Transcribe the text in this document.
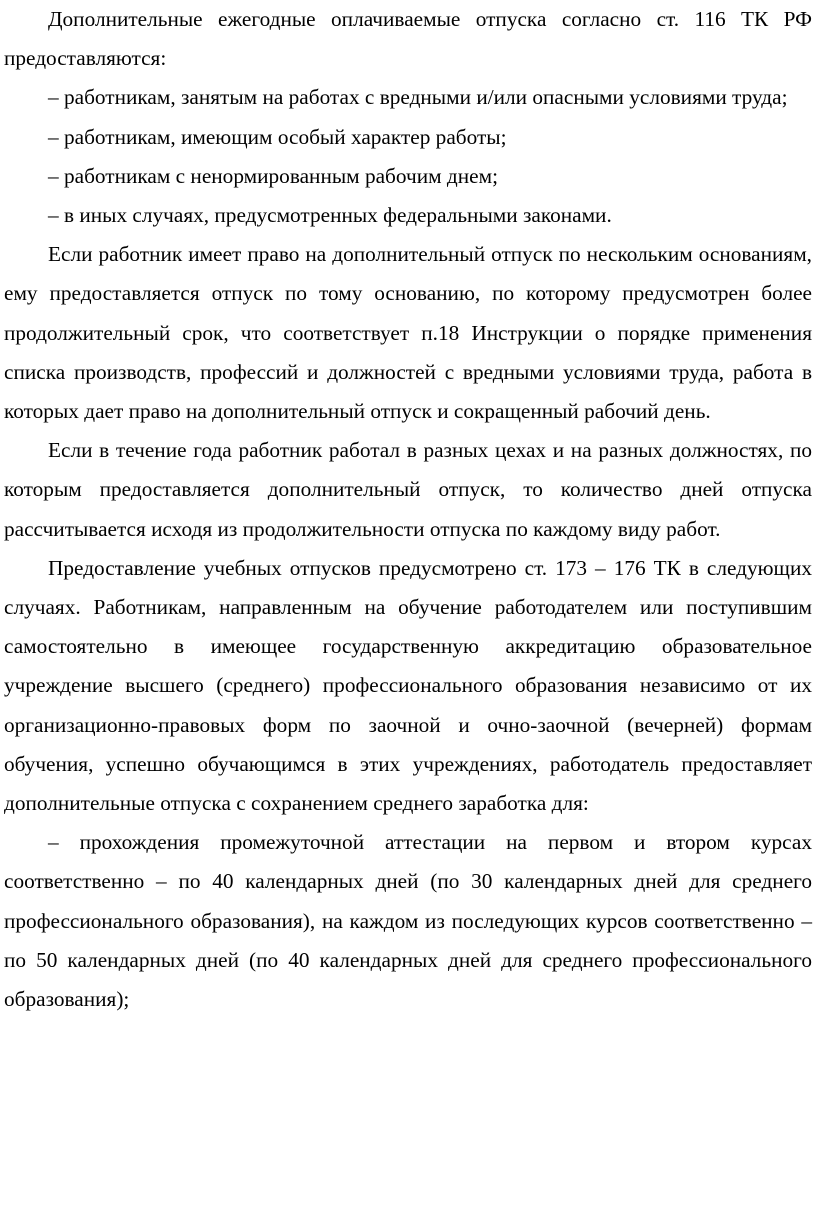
Дополнительные ежегодные оплачиваемые отпуска согласно ст. 116 ТК РФ предоставляются:

– работникам, занятым на работах с вредными и/или опасными условиями труда;

– работникам, имеющим особый характер работы;

– работникам с ненормированным рабочим днем;

– в иных случаях, предусмотренных федеральными законами.

Если работник имеет право на дополнительный отпуск по нескольким основаниям, ему предоставляется отпуск по тому основанию, по которому предусмотрен более продолжительный срок, что соответствует п.18 Инструкции о порядке применения списка производств, профессий и должностей с вредными условиями труда, работа в которых дает право на дополнительный отпуск и сокращенный рабочий день.

Если в течение года работник работал в разных цехах и на разных должностях, по которым предоставляется дополнительный отпуск, то количество дней отпуска рассчитывается исходя из продолжительности отпуска по каждому виду работ.

Предоставление учебных отпусков предусмотрено ст. 173 – 176 ТК в следующих случаях. Работникам, направленным на обучение работодателем или поступившим самостоятельно в имеющее государственную аккредитацию образовательное учреждение высшего (среднего) профессионального образования независимо от их организационно-правовых форм по заочной и очно-заочной (вечерней) формам обучения, успешно обучающимся в этих учреждениях, работодатель предоставляет дополнительные отпуска с сохранением среднего заработка для:

– прохождения промежуточной аттестации на первом и втором курсах соответственно – по 40 календарных дней (по 30 календарных дней для среднего профессионального образования), на каждом из последующих курсов соответственно – по 50 календарных дней (по 40 календарных дней для среднего профессионального образования);
